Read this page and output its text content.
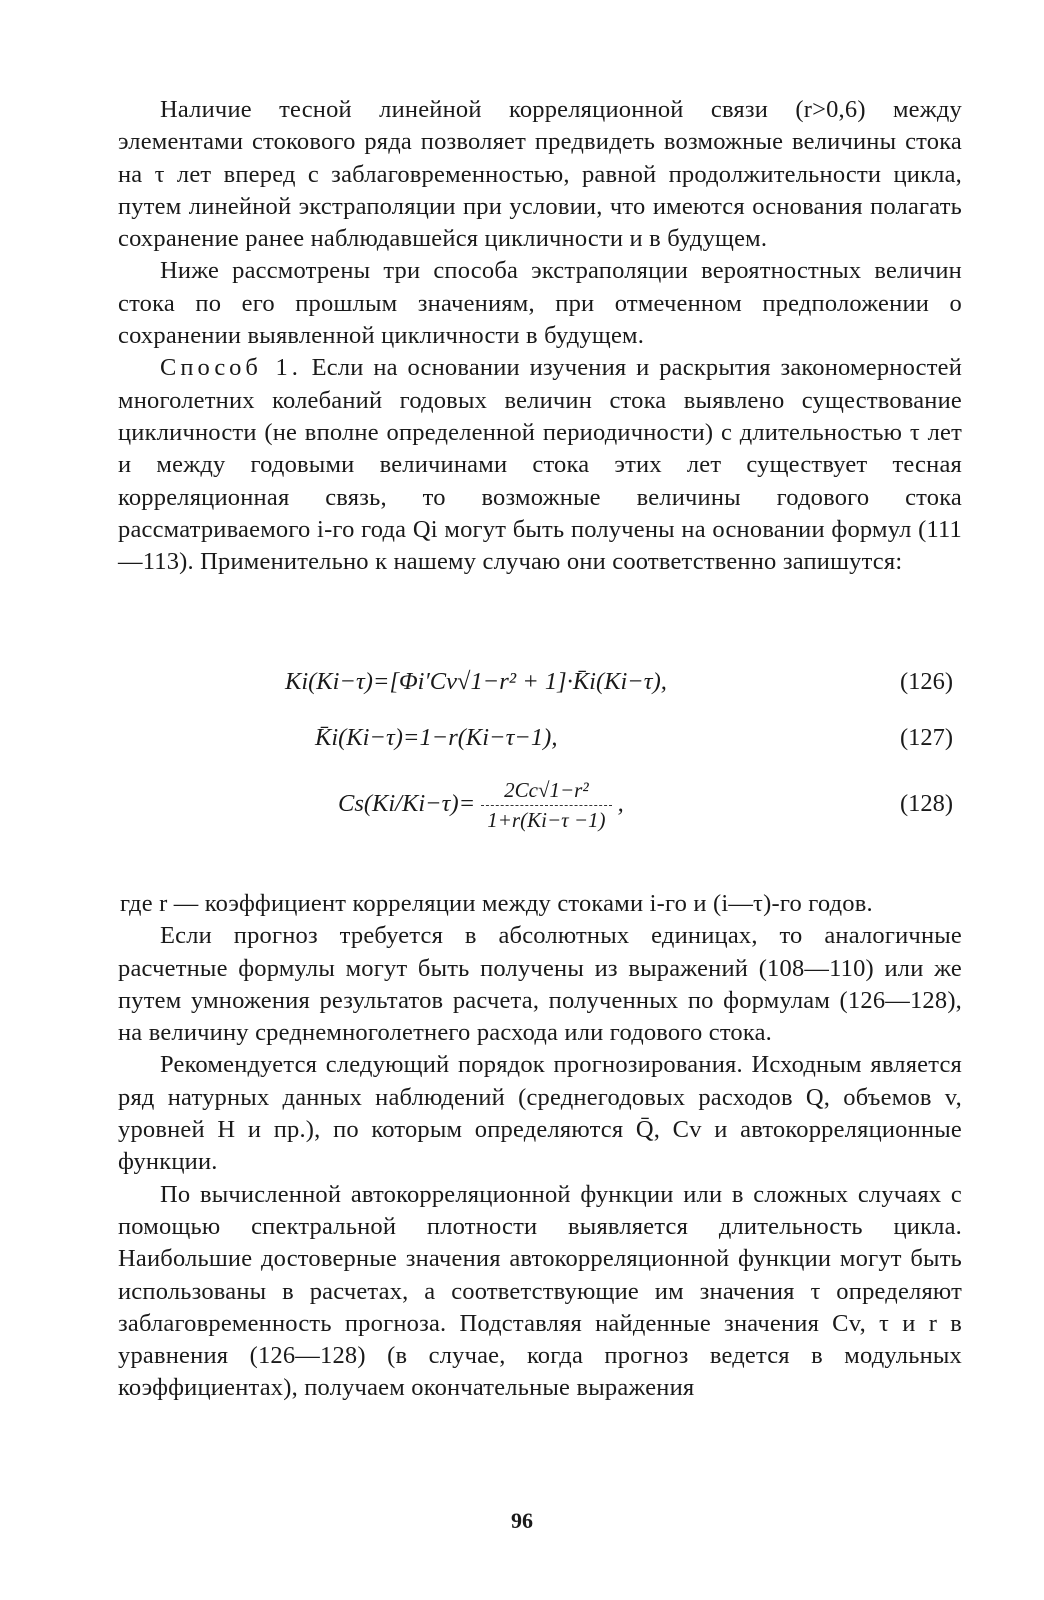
Наличие тесной линейной корреляционной связи (r>0,6) между элементами стокового ряда позволяет предвидеть возможные величины стока на τ лет вперед с заблаговременностью, равной продолжительности цикла, путем линейной экстраполяции при условии, что имеются основания полагать сохранение ранее наблюдавшейся цикличности и в будущем.

Ниже рассмотрены три способа экстраполяции вероятностных величин стока по его прошлым значениям, при отмеченном предположении о сохранении выявленной цикличности в будущем.

Способ 1. Если на основании изучения и раскрытия закономерностей многолетних колебаний годовых величин стока выявлено существование цикличности (не вполне определенной периодичности) с длительностью τ лет и между годовыми величинами стока этих лет существует тесная корреляционная связь, то возможные величины годового стока рассматриваемого i-го года Qi могут быть получены на основании формул (111—113). Применительно к нашему случаю они соответственно запишутся:

Ki(Ki−τ)=[Φi′Cv√1−r² + 1]·K̄i(Ki−τ),	(126)
K̄i(Ki−τ)=1−r(Ki−τ−1),	(127)
$Cs(Ki/Ki-\tau)= \frac{\text{2Cc√1−r²}}{1+r(Ki-\tau -1)}$ ,	(128)

где r — коэффициент корреляции между стоками i-го и (i—τ)-го годов.

Если прогноз требуется в абсолютных единицах, то аналогичные расчетные формулы могут быть получены из выражений (108—110) или же путем умножения результатов расчета, полученных по формулам (126—128), на величину среднемноголетнего расхода или годового стока.

Рекомендуется следующий порядок прогнозирования. Исходным является ряд натурных данных наблюдений (среднегодовых расходов Q, объемов v, уровней H и пр.), по которым определяются Q̄, Cv и автокорреляционные функции.

По вычисленной автокорреляционной функции или в сложных случаях с помощью спектральной плотности выявляется длительность цикла. Наибольшие достоверные значения автокорреляционной функции могут быть использованы в расчетах, а соответствующие им значения τ определяют заблаговременность прогноза. Подставляя найденные значения Cv, τ и r в уравнения (126—128) (в случае, когда прогноз ведется в модульных коэффициентах), получаем окончательные выражения

96
